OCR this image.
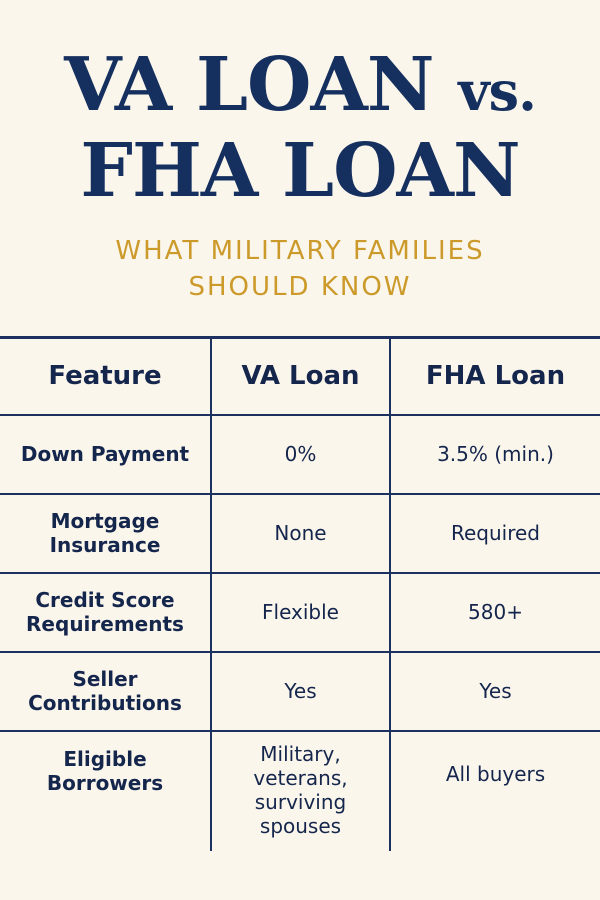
VA LOAN vs.
FHA LOAN
WHAT MILITARY FAMILIES
SHOULD KNOW
Feature	VA Loan	FHA Loan
Down Payment	0%	3.5% (min.)
Mortgage Insurance	None	Required
Credit Score Requirements	Flexible	580+
Seller Contributions	Yes	Yes
Eligible Borrowers	Military, veterans, surviving spouses	All buyers
